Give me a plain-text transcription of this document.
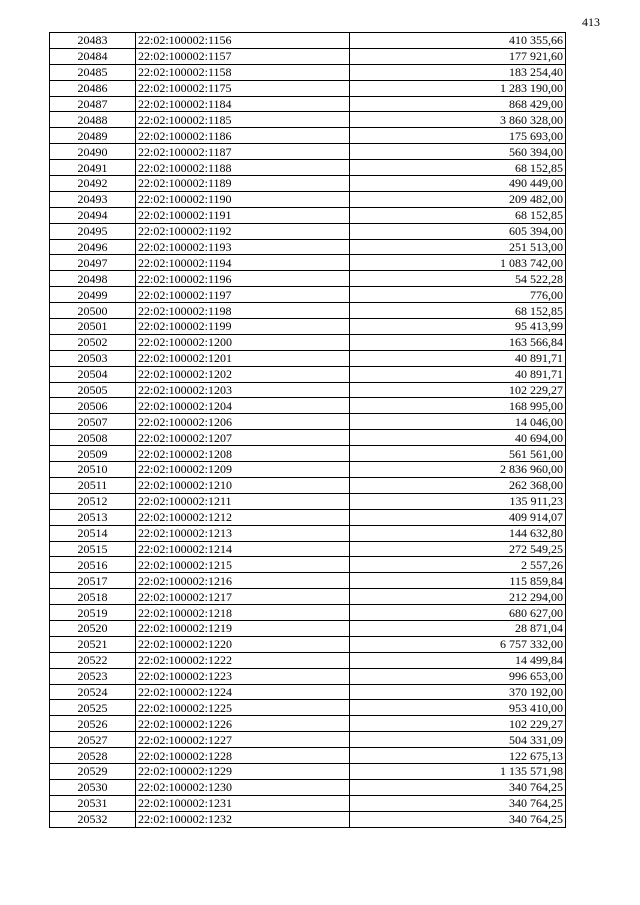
413
20483	22:02:100002:1156	410 355,66
20484	22:02:100002:1157	177 921,60
20485	22:02:100002:1158	183 254,40
20486	22:02:100002:1175	1 283 190,00
20487	22:02:100002:1184	868 429,00
20488	22:02:100002:1185	3 860 328,00
20489	22:02:100002:1186	175 693,00
20490	22:02:100002:1187	560 394,00
20491	22:02:100002:1188	68 152,85
20492	22:02:100002:1189	490 449,00
20493	22:02:100002:1190	209 482,00
20494	22:02:100002:1191	68 152,85
20495	22:02:100002:1192	605 394,00
20496	22:02:100002:1193	251 513,00
20497	22:02:100002:1194	1 083 742,00
20498	22:02:100002:1196	54 522,28
20499	22:02:100002:1197	776,00
20500	22:02:100002:1198	68 152,85
20501	22:02:100002:1199	95 413,99
20502	22:02:100002:1200	163 566,84
20503	22:02:100002:1201	40 891,71
20504	22:02:100002:1202	40 891,71
20505	22:02:100002:1203	102 229,27
20506	22:02:100002:1204	168 995,00
20507	22:02:100002:1206	14 046,00
20508	22:02:100002:1207	40 694,00
20509	22:02:100002:1208	561 561,00
20510	22:02:100002:1209	2 836 960,00
20511	22:02:100002:1210	262 368,00
20512	22:02:100002:1211	135 911,23
20513	22:02:100002:1212	409 914,07
20514	22:02:100002:1213	144 632,80
20515	22:02:100002:1214	272 549,25
20516	22:02:100002:1215	2 557,26
20517	22:02:100002:1216	115 859,84
20518	22:02:100002:1217	212 294,00
20519	22:02:100002:1218	680 627,00
20520	22:02:100002:1219	28 871,04
20521	22:02:100002:1220	6 757 332,00
20522	22:02:100002:1222	14 499,84
20523	22:02:100002:1223	996 653,00
20524	22:02:100002:1224	370 192,00
20525	22:02:100002:1225	953 410,00
20526	22:02:100002:1226	102 229,27
20527	22:02:100002:1227	504 331,09
20528	22:02:100002:1228	122 675,13
20529	22:02:100002:1229	1 135 571,98
20530	22:02:100002:1230	340 764,25
20531	22:02:100002:1231	340 764,25
20532	22:02:100002:1232	340 764,25
